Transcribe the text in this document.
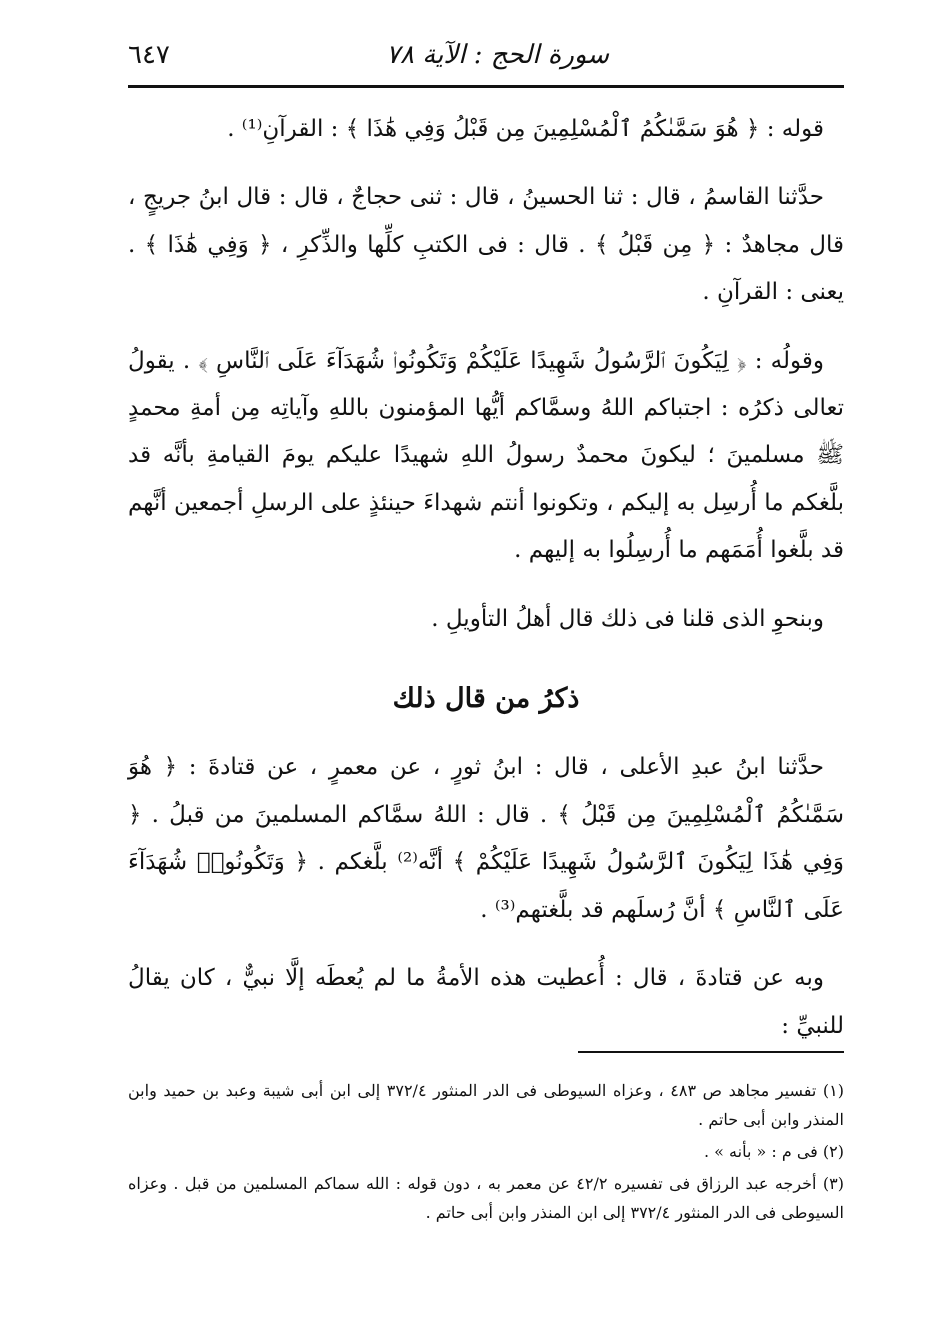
٦٤٧	سورة الحج : الآية ٧٨

قوله : ﴿ هُوَ سَمَّىٰكُمُ ٱلْمُسْلِمِينَ مِن قَبْلُ وَفِي هَٰذَا ﴾ : القرآنِ⁽¹⁾ .

حدَّثنا القاسمُ ، قال : ثنا الحسينُ ، قال : ثنى حجاجٌ ، قال : قال ابنُ جريجٍ ، قال مجاهدٌ : ﴿ مِن قَبْلُ ﴾ . قال : فى الكتبِ كلِّها والذِّكرِ ، ﴿ وَفِي هَٰذَا ﴾ . يعنى : القرآنِ .

وقولُه : ﴿ لِيَكُونَ ٱلرَّسُولُ شَهِيدًا عَلَيْكُمْ وَتَكُونُوا۟ شُهَدَآءَ عَلَى ٱلنَّاسِ ﴾ . يقولُ تعالى ذكرُه : اجتباكم اللهُ وسمَّاكم أيُّها المؤمنون باللهِ وآياتِه مِن أمةِ محمدٍ ﷺ مسلمينَ ؛ ليكونَ محمدٌ رسولُ اللهِ شهيدًا عليكم يومَ القيامةِ بأنَّه قد بلَّغكم ما أُرسِل به إليكم ، وتكونوا أنتم شهداءَ حينئذٍ على الرسلِ أجمعين أنَّهم قد بلَّغوا أُمَمَهم ما أُرسِلُوا به إليهم .

وبنحوِ الذى قلنا فى ذلك قال أهلُ التأويلِ .

ذكرُ من قال ذلك

حدَّثنا ابنُ عبدِ الأعلى ، قال : ابنُ ثورٍ ، عن معمرٍ ، عن قتادةَ : ﴿ هُوَ سَمَّىٰكُمُ ٱلْمُسْلِمِينَ مِن قَبْلُ ﴾ . قال : اللهُ سمَّاكم المسلمينَ من قبلُ . ﴿ وَفِي هَٰذَا لِيَكُونَ ٱلرَّسُولُ شَهِيدًا عَلَيْكُمْ ﴾ أنَّه⁽²⁾ بلَّغكم . ﴿ وَتَكُونُوا۟ شُهَدَآءَ عَلَى ٱلنَّاسِ ﴾ أنَّ رُسلَهم قد بلَّغتهم⁽³⁾ .

وبه عن قتادةَ ، قال : أُعطيت هذه الأمةُ ما لم يُعطَه إلَّا نبيٌّ ، كان يقالُ للنبيِّ :

(١) تفسير مجاهد ص ٤٨٣ ، وعزاه السيوطى فى الدر المنثور ٣٧٢/٤ إلى ابن أبى شيبة وعبد بن حميد وابن المنذر وابن أبى حاتم .

(٢) فى م : « بأنه » .

(٣) أخرجه عبد الرزاق فى تفسيره ٤٢/٢ عن معمر به ، دون قوله : الله سماكم المسلمين من قبل . وعزاه السيوطى فى الدر المنثور ٣٧٢/٤ إلى ابن المنذر وابن أبى حاتم .
